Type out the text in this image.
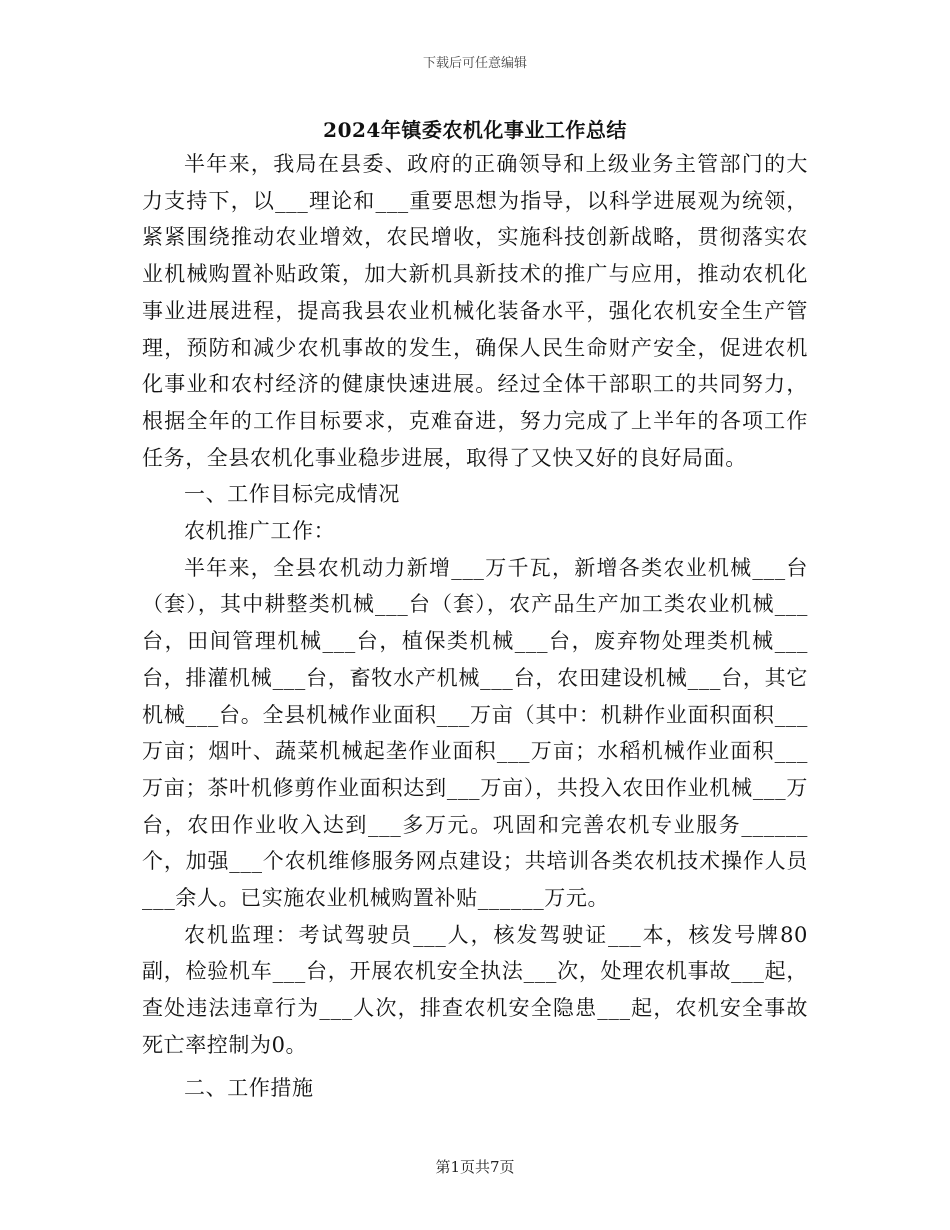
下载后可任意编辑
2024年镇委农机化事业工作总结

半年来，我局在县委、政府的正确领导和上级业务主管部门的大力支持下，以___理论和___重要思想为指导，以科学进展观为统领，紧紧围绕推动农业增效，农民增收，实施科技创新战略，贯彻落实农业机械购置补贴政策，加大新机具新技术的推广与应用，推动农机化事业进展进程，提高我县农业机械化装备水平，强化农机安全生产管理，预防和减少农机事故的发生，确保人民生命财产安全，促进农机化事业和农村经济的健康快速进展。经过全体干部职工的共同努力，根据全年的工作目标要求，克难奋进，努力完成了上半年的各项工作任务，全县农机化事业稳步进展，取得了又快又好的良好局面。

一、工作目标完成情况

农机推广工作：

半年来，全县农机动力新增___万千瓦，新增各类农业机械___台（套），其中耕整类机械___台（套），农产品生产加工类农业机械___台，田间管理机械___台，植保类机械___台，废弃物处理类机械___台，排灌机械___台，畜牧水产机械___台，农田建设机械___台，其它机械___台。全县机械作业面积___万亩（其中：机耕作业面积面积___万亩；烟叶、蔬菜机械起垄作业面积___万亩；水稻机械作业面积___万亩；茶叶机修剪作业面积达到___万亩），共投入农田作业机械___万台，农田作业收入达到___多万元。巩固和完善农机专业服务______个，加强___个农机维修服务网点建设；共培训各类农机技术操作人员___余人。已实施农业机械购置补贴______万元。

农机监理：考试驾驶员___人，核发驾驶证___本，核发号牌80副，检验机车___台，开展农机安全执法___次，处理农机事故___起，查处违法违章行为___人次，排查农机安全隐患___起，农机安全事故死亡率控制为0。

二、工作措施

第1页共7页
